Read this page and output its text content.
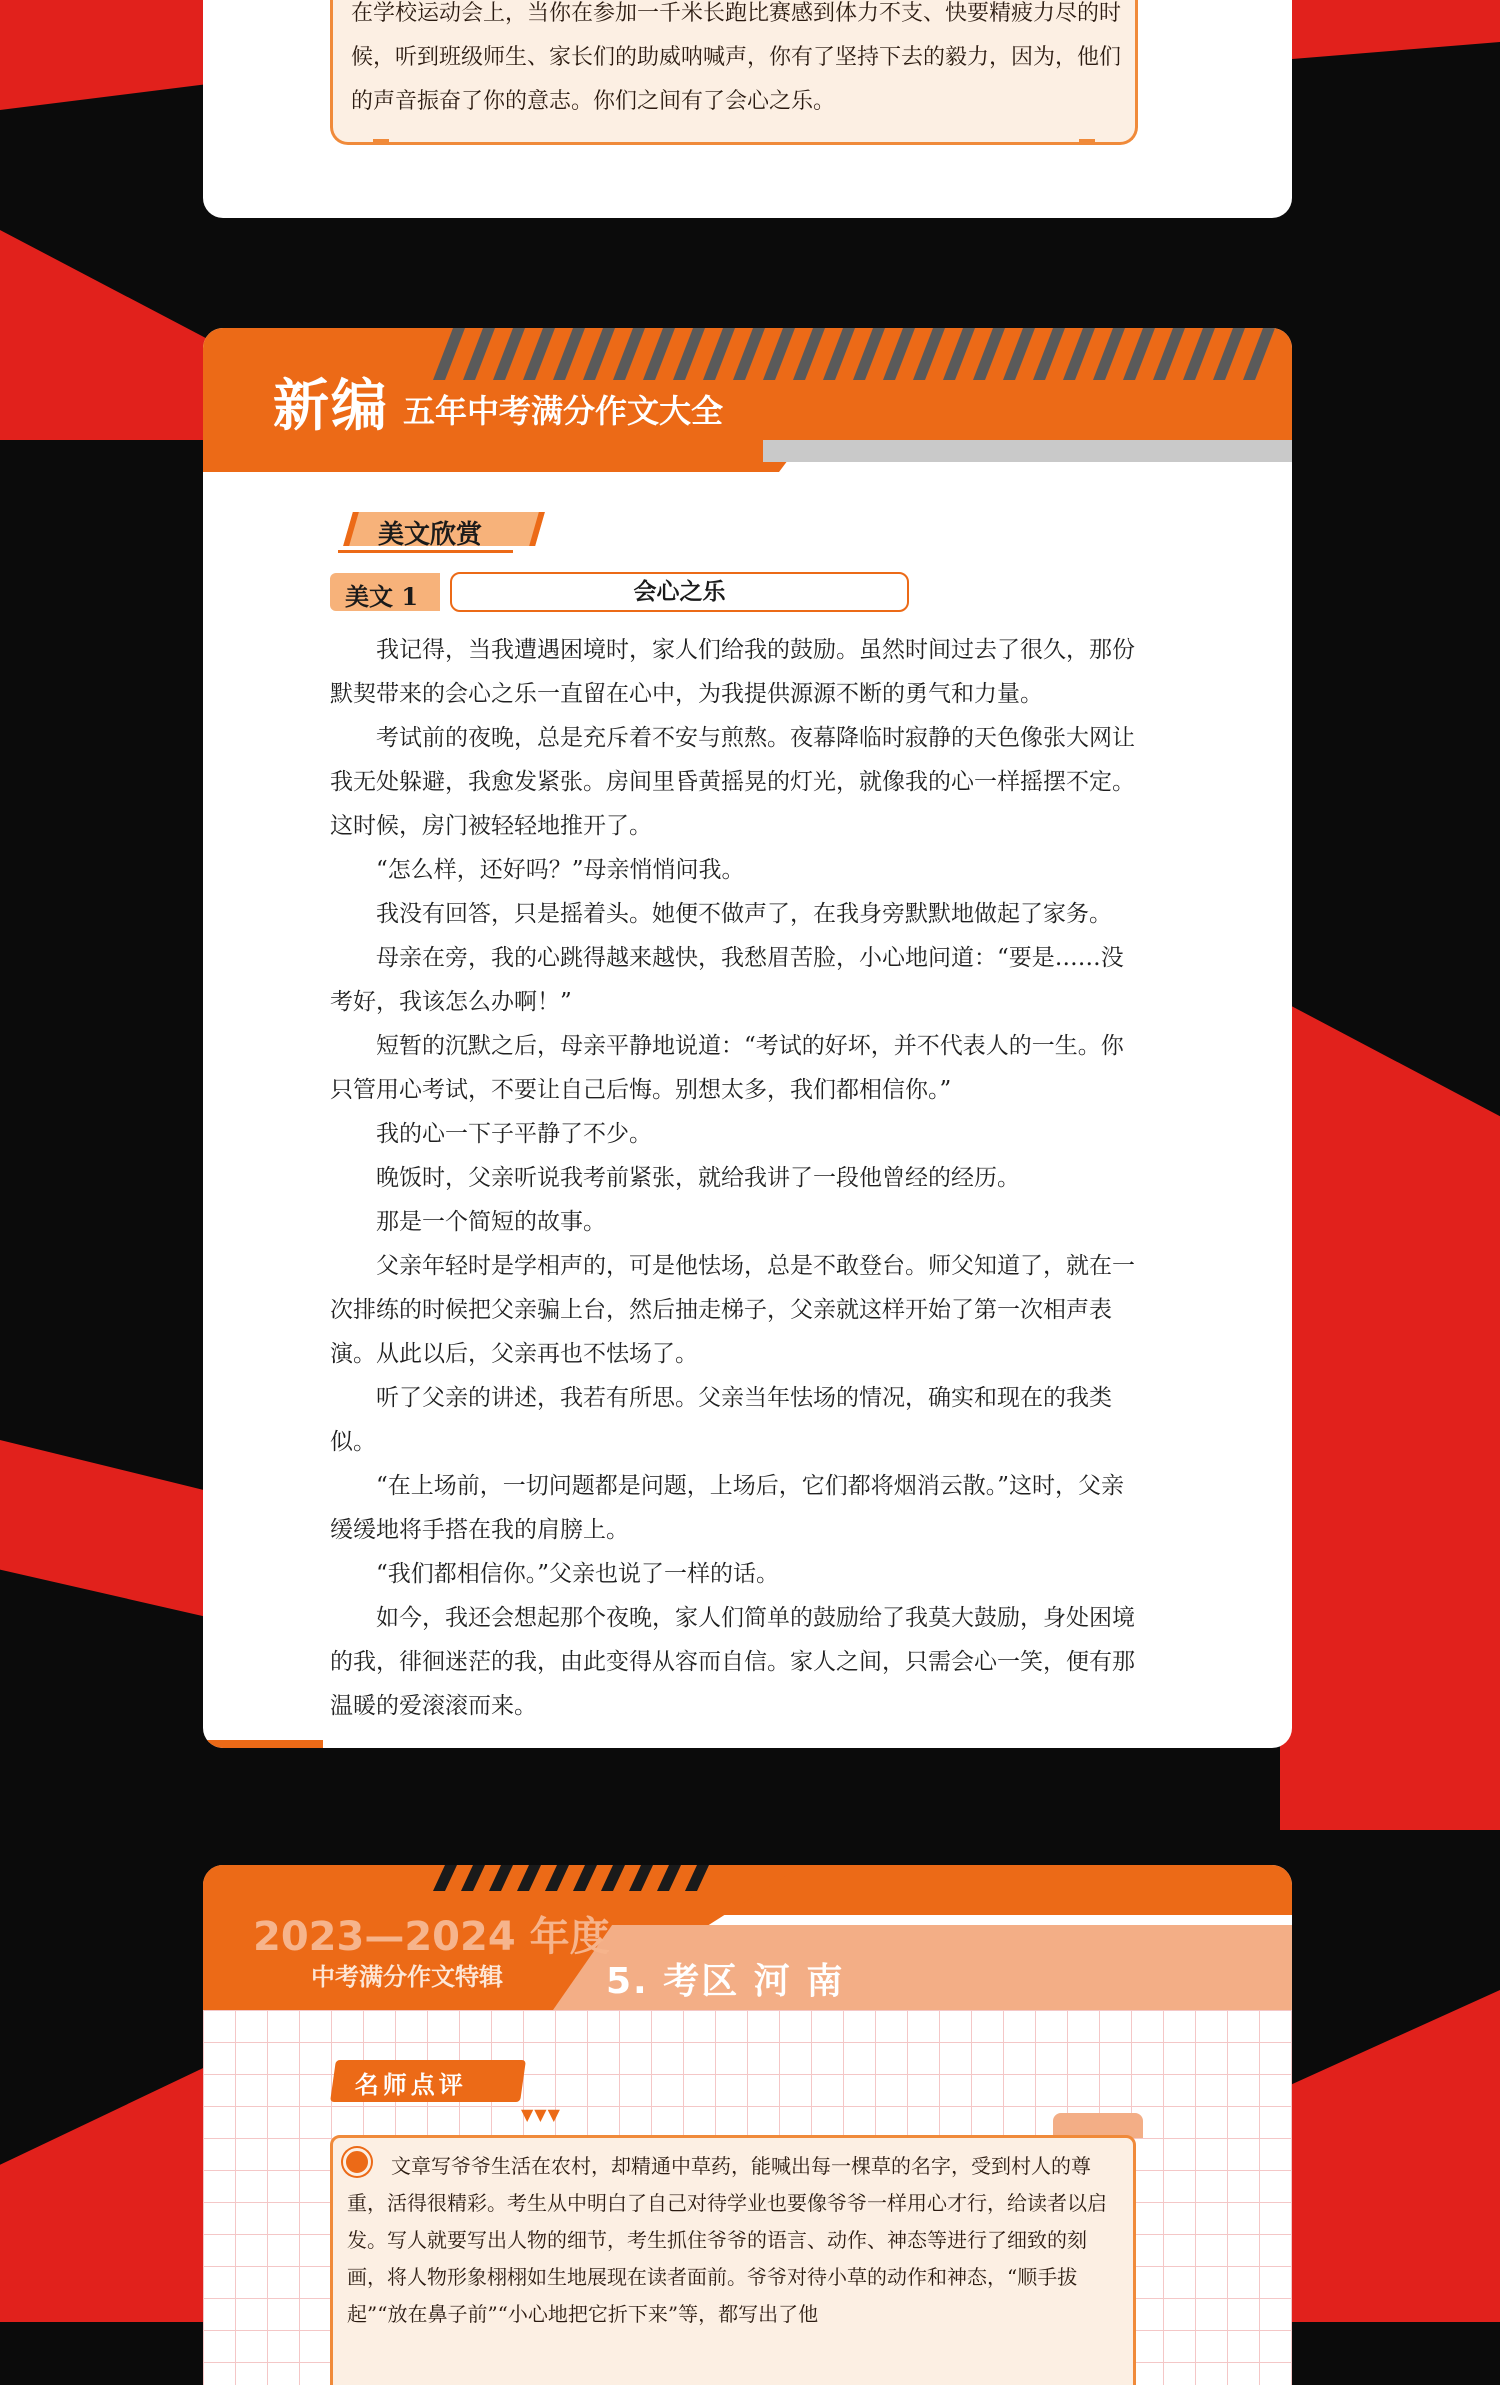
在学校运动会上，当你在参加一千米长跑比赛感到体力不支、快要精疲力尽的时候，听到班级师生、家长们的助威呐喊声，你有了坚持下去的毅力，因为，他们的声音振奋了你的意志。你们之间有了会心之乐。
新编 五年中考满分作文大全
美文欣赏
美文 1	会心之乐

我记得，当我遭遇困境时，家人们给我的鼓励。虽然时间过去了很久，那份默契带来的会心之乐一直留在心中，为我提供源源不断的勇气和力量。

考试前的夜晚，总是充斥着不安与煎熬。夜幕降临时寂静的天色像张大网让我无处躲避，我愈发紧张。房间里昏黄摇晃的灯光，就像我的心一样摇摆不定。这时候，房门被轻轻地推开了。

“怎么样，还好吗？”母亲悄悄问我。

我没有回答，只是摇着头。她便不做声了，在我身旁默默地做起了家务。

母亲在旁，我的心跳得越来越快，我愁眉苦脸，小心地问道：“要是……没考好，我该怎么办啊！”

短暂的沉默之后，母亲平静地说道：“考试的好坏，并不代表人的一生。你只管用心考试，不要让自己后悔。别想太多，我们都相信你。”

我的心一下子平静了不少。

晚饭时，父亲听说我考前紧张，就给我讲了一段他曾经的经历。

那是一个简短的故事。

父亲年轻时是学相声的，可是他怯场，总是不敢登台。师父知道了，就在一次排练的时候把父亲骗上台，然后抽走梯子，父亲就这样开始了第一次相声表演。从此以后，父亲再也不怯场了。

听了父亲的讲述，我若有所思。父亲当年怯场的情况，确实和现在的我类似。

“在上场前，一切问题都是问题，上场后，它们都将烟消云散。”这时，父亲缓缓地将手搭在我的肩膀上。

“我们都相信你。”父亲也说了一样的话。

如今，我还会想起那个夜晚，家人们简单的鼓励给了我莫大鼓励，身处困境的我，徘徊迷茫的我，由此变得从容而自信。家人之间，只需会心一笑，便有那温暖的爱滚滚而来。

2023—2024 年度
中考满分作文特辑	5. 考区 河 南
名师点评
▼▼▼
文章写爷爷生活在农村，却精通中草药，能喊出每一棵草的名字，受到村人的尊重，活得很精彩。考生从中明白了自己对待学业也要像爷爷一样用心才行，给读者以启发。写人就要写出人物的细节，考生抓住爷爷的语言、动作、神态等进行了细致的刻画，将人物形象栩栩如生地展现在读者面前。爷爷对待小草的动作和神态，“顺手拔起”“放在鼻子前”“小心地把它折下来”等，都写出了他
